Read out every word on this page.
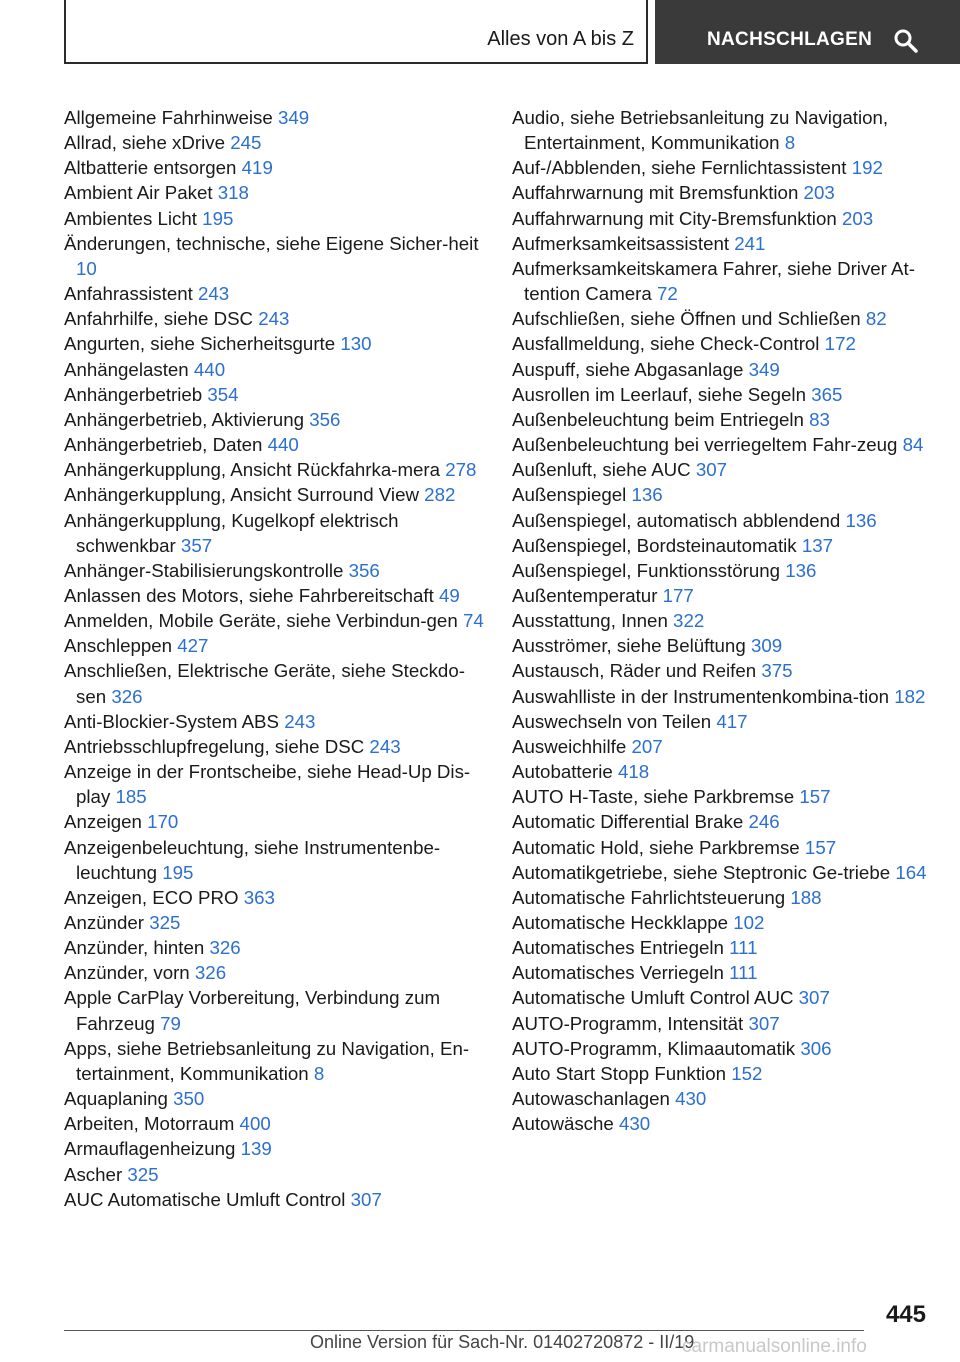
Alles von A bis Z	NACHSCHLAGEN
Allgemeine Fahrhinweise 349
Allrad, siehe xDrive 245
Altbatterie entsorgen 419
Ambient Air Paket 318
Ambientes Licht 195
Änderungen, technische, siehe Eigene Sicher-heit 10
Anfahrassistent 243
Anfahrhilfe, siehe DSC 243
Angurten, siehe Sicherheitsgurte 130
Anhängelasten 440
Anhängerbetrieb 354
Anhängerbetrieb, Aktivierung 356
Anhängerbetrieb, Daten 440
Anhängerkupplung, Ansicht Rückfahrka-mera 278
Anhängerkupplung, Ansicht Surround View 282
Anhängerkupplung, Kugelkopf elektrisch schwenkbar 357
Anhänger-Stabilisierungskontrolle 356
Anlassen des Motors, siehe Fahrbereitschaft 49
Anmelden, Mobile Geräte, siehe Verbindun-gen 74
Anschleppen 427
Anschließen, Elektrische Geräte, siehe Steckdo-sen 326
Anti-Blockier-System ABS 243
Antriebsschlupfregelung, siehe DSC 243
Anzeige in der Frontscheibe, siehe Head-Up Dis-play 185
Anzeigen 170
Anzeigenbeleuchtung, siehe Instrumentenbe-leuchtung 195
Anzeigen, ECO PRO 363
Anzünder 325
Anzünder, hinten 326
Anzünder, vorn 326
Apple CarPlay Vorbereitung, Verbindung zum Fahrzeug 79
Apps, siehe Betriebsanleitung zu Navigation, En-tertainment, Kommunikation 8
Aquaplaning 350
Arbeiten, Motorraum 400
Armauflagenheizung 139
Ascher 325
AUC Automatische Umluft Control 307
Audio, siehe Betriebsanleitung zu Navigation, Entertainment, Kommunikation 8
Auf-/Abblenden, siehe Fernlichtassistent 192
Auffahrwarnung mit Bremsfunktion 203
Auffahrwarnung mit City-Bremsfunktion 203
Aufmerksamkeitsassistent 241
Aufmerksamkeitskamera Fahrer, siehe Driver At-tention Camera 72
Aufschließen, siehe Öffnen und Schließen 82
Ausfallmeldung, siehe Check-Control 172
Auspuff, siehe Abgasanlage 349
Ausrollen im Leerlauf, siehe Segeln 365
Außenbeleuchtung beim Entriegeln 83
Außenbeleuchtung bei verriegeltem Fahr-zeug 84
Außenluft, siehe AUC 307
Außenspiegel 136
Außenspiegel, automatisch abblendend 136
Außenspiegel, Bordsteinautomatik 137
Außenspiegel, Funktionsstörung 136
Außentemperatur 177
Ausstattung, Innen 322
Ausströmer, siehe Belüftung 309
Austausch, Räder und Reifen 375
Auswahlliste in der Instrumentenkombina-tion 182
Auswechseln von Teilen 417
Ausweichhilfe 207
Autobatterie 418
AUTO H-Taste, siehe Parkbremse 157
Automatic Differential Brake 246
Automatic Hold, siehe Parkbremse 157
Automatikgetriebe, siehe Steptronic Ge-triebe 164
Automatische Fahrlichtsteuerung 188
Automatische Heckklappe 102
Automatisches Entriegeln 111
Automatisches Verriegeln 111
Automatische Umluft Control AUC 307
AUTO-Programm, Intensität 307
AUTO-Programm, Klimaautomatik 306
Auto Start Stopp Funktion 152
Autowaschanlagen 430
Autowäsche 430
445
Online Version für Sach-Nr. 01402720872 - II/19
carmanualsonline.info
